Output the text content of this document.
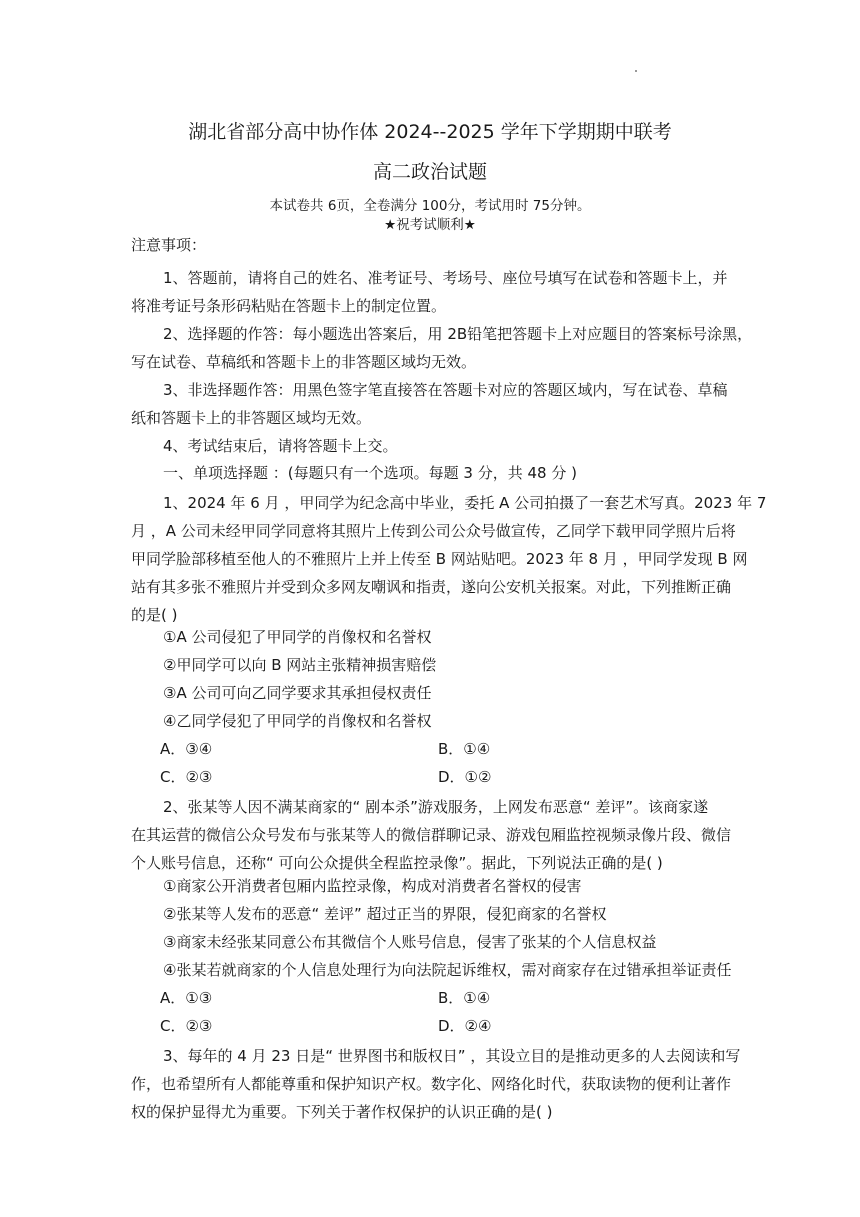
湖北省部分高中协作体 2024--2025 学年下学期期中联考
高二政治试题
本试卷共 6页，全卷满分 100分，考试用时 75分钟。
★祝考试顺利★
注意事项：
1、答题前，请将自己的姓名、准考证号、考场号、座位号填写在试卷和答题卡上，并
将准考证号条形码粘贴在答题卡上的制定位置。
2、选择题的作答：每小题选出答案后，用 2B铅笔把答题卡上对应题目的答案标号涂黑，
写在试卷、草稿纸和答题卡上的非答题区域均无效。
3、非选择题作答：用黑色签字笔直接答在答题卡对应的答题区域内，写在试卷、草稿
纸和答题卡上的非答题区域均无效。
4、考试结束后，请将答题卡上交。
一、单项选择题 ：(每题只有一个选项。每题 3 分，共 48 分 )
1、2024 年 6 月 ，甲同学为纪念高中毕业，委托 A 公司拍摄了一套艺术写真。2023 年 7
月 ，A 公司未经甲同学同意将其照片上传到公司公众号做宣传，乙同学下载甲同学照片后将
甲同学脸部移植至他人的不雅照片上并上传至 B 网站贴吧。2023 年 8 月 ，甲同学发现 B 网
站有其多张不雅照片并受到众多网友嘲讽和指责，遂向公安机关报案。对此，下列推断正确
的是( )
①A 公司侵犯了甲同学的肖像权和名誉权
②甲同学可以向 B 网站主张精神损害赔偿
③A 公司可向乙同学要求其承担侵权责任
④乙同学侵犯了甲同学的肖像权和名誉权
A．③④	B．①④
C．②③	D．①②
2、张某等人因不满某商家的“ 剧本杀”游戏服务，上网发布恶意“ 差评”。该商家遂
在其运营的微信公众号发布与张某等人的微信群聊记录、游戏包厢监控视频录像片段、微信
个人账号信息，还称“ 可向公众提供全程监控录像”。据此，下列说法正确的是( )
①商家公开消费者包厢内监控录像，构成对消费者名誉权的侵害
②张某等人发布的恶意“ 差评” 超过正当的界限，侵犯商家的名誉权
③商家未经张某同意公布其微信个人账号信息，侵害了张某的个人信息权益
④张某若就商家的个人信息处理行为向法院起诉维权，需对商家存在过错承担举证责任
A．①③	B．①④
C．②③	D．②④
3、每年的 4 月 23 日是“ 世界图书和版权日” ，其设立目的是推动更多的人去阅读和写
作，也希望所有人都能尊重和保护知识产权。数字化、网络化时代，获取读物的便利让著作
权的保护显得尤为重要。下列关于著作权保护的认识正确的是( )
